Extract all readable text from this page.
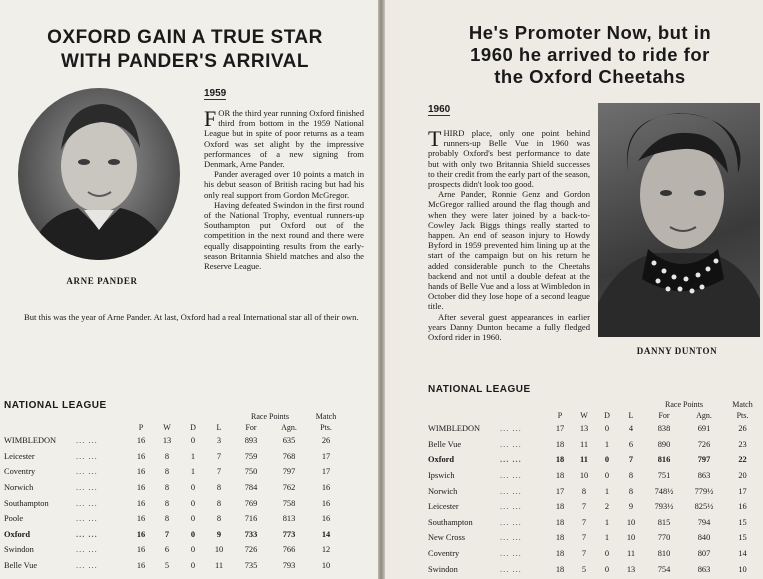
OXFORD GAIN A TRUE STAR
WITH PANDER'S ARRIVAL
ARNE PANDER
1959

FOR the third year running Oxford finished third from bottom in the 1959 National League but in spite of poor returns as a team Oxford was set alight by the impressive performances of a new signing from Denmark, Arne Pander.

Pander averaged over 10 points a match in his debut season of British racing but had his only real support from Gordon McGregor.

Having defeated Swindon in the first round of the National Trophy, eventual runners-up Southampton put Oxford out of the competition in the next round and there were equally disappointing results from the early-season Britannia Shield matches and also the Reserve League.

But this was the year of Arne Pander. At last, Oxford had a real International star all of their own.
NATIONAL LEAGUE
						Race Points		Match
		P	W	D	L	For	Agn.	Pts.
WIMBLEDON	... ...	16	13	0	3	893	635	26
Leicester	... ...	16	8	1	7	759	768	17
Coventry	... ...	16	8	1	7	750	797	17
Norwich	... ...	16	8	0	8	784	762	16
Southampton	... ...	16	8	0	8	769	758	16
Poole	... ...	16	8	0	8	716	813	16
Oxford	... ...	16	7	0	9	733	773	14
Swindon	... ...	16	6	0	10	726	766	12
Belle Vue	... ...	16	5	0	11	735	793	10
He's Promoter Now, but in
1960 he arrived to ride for
the Oxford Cheetahs
1960

THIRD place, only one point behind runners-up Belle Vue in 1960 was probably Oxford's best performance to date but with only two Britannia Shield successes to their credit from the early part of the season, prospects didn't look too good.

Arne Pander, Ronnie Genz and Gordon McGregor rallied around the flag though and when they were later joined by a back-to-Cowley Jack Biggs things really started to happen. An end of season injury to Howdy Byford in 1959 prevented him lining up at the start of the campaign but on his return he added considerable punch to the Cheetahs backend and not until a double defeat at the hands of Belle Vue and a loss at Wimbledon in October did they lose hope of a second league title.

After several guest appearances in earlier years Danny Dunton became a fully fledged Oxford rider in 1960.

DANNY DUNTON
NATIONAL LEAGUE
						Race Points		Match
		P	W	D	L	For	Agn.	Pts.
WIMBLEDON	... ...	17	13	0	4	838	691	26
Belle Vue	... ...	18	11	1	6	890	726	23
Oxford	... ...	18	11	0	7	816	797	22
Ipswich	... ...	18	10	0	8	751	863	20
Norwich	... ...	17	8	1	8	748½	779½	17
Leicester	... ...	18	7	2	9	793½	825½	16
Southampton	... ...	18	7	1	10	815	794	15
New Cross	... ...	18	7	1	10	770	840	15
Coventry	... ...	18	7	0	11	810	807	14
Swindon	... ...	18	5	0	13	754	863	10
